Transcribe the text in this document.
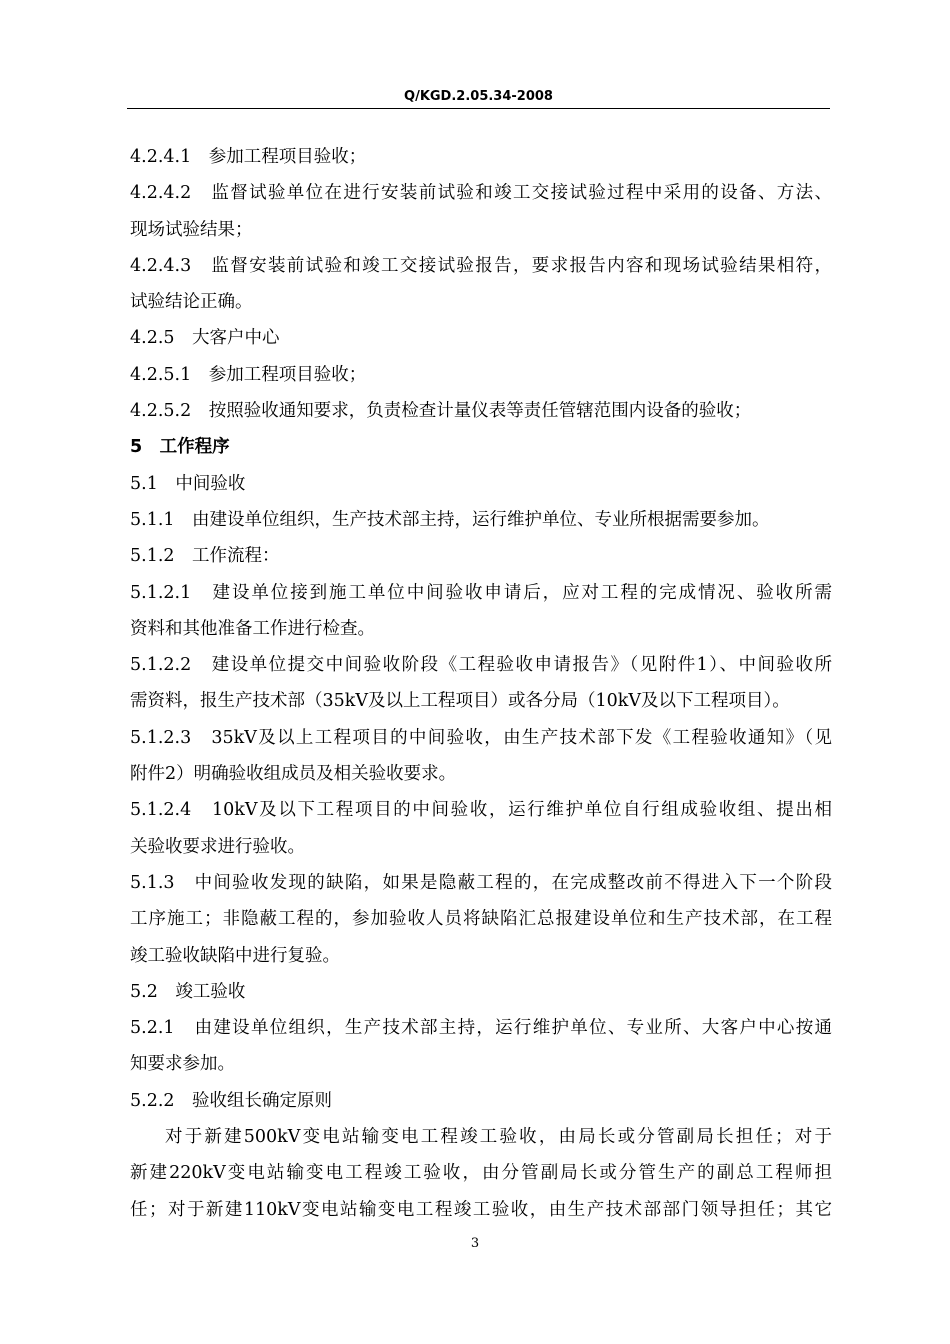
Q/KGD.2.05.34-2008
4.2.4.1　参加工程项目验收；
4.2.4.2　监督试验单位在进行安装前试验和竣工交接试验过程中采用的设备、方法、
现场试验结果；
4.2.4.3　监督安装前试验和竣工交接试验报告，要求报告内容和现场试验结果相符，
试验结论正确。
4.2.5　大客户中心
4.2.5.1　参加工程项目验收；
4.2.5.2　按照验收通知要求，负责检查计量仪表等责任管辖范围内设备的验收；
5　工作程序
5.1　中间验收
5.1.1　由建设单位组织，生产技术部主持，运行维护单位、专业所根据需要参加。
5.1.2　工作流程：
5.1.2.1　建设单位接到施工单位中间验收申请后，应对工程的完成情况、验收所需
资料和其他准备工作进行检查。
5.1.2.2　建设单位提交中间验收阶段《工程验收申请报告》（见附件1）、中间验收所
需资料，报生产技术部（35kV及以上工程项目）或各分局（10kV及以下工程项目）。
5.1.2.3　35kV及以上工程项目的中间验收，由生产技术部下发《工程验收通知》（见
附件2）明确验收组成员及相关验收要求。
5.1.2.4　10kV及以下工程项目的中间验收，运行维护单位自行组成验收组、提出相
关验收要求进行验收。
5.1.3　中间验收发现的缺陷，如果是隐蔽工程的，在完成整改前不得进入下一个阶段
工序施工；非隐蔽工程的，参加验收人员将缺陷汇总报建设单位和生产技术部，在工程
竣工验收缺陷中进行复验。
5.2　竣工验收
5.2.1　由建设单位组织，生产技术部主持，运行维护单位、专业所、大客户中心按通
知要求参加。
5.2.2　验收组长确定原则
对于新建500kV变电站输变电工程竣工验收，由局长或分管副局长担任；对于
新建220kV变电站输变电工程竣工验收，由分管副局长或分管生产的副总工程师担
任；对于新建110kV变电站输变电工程竣工验收，由生产技术部部门领导担任；其它
3
